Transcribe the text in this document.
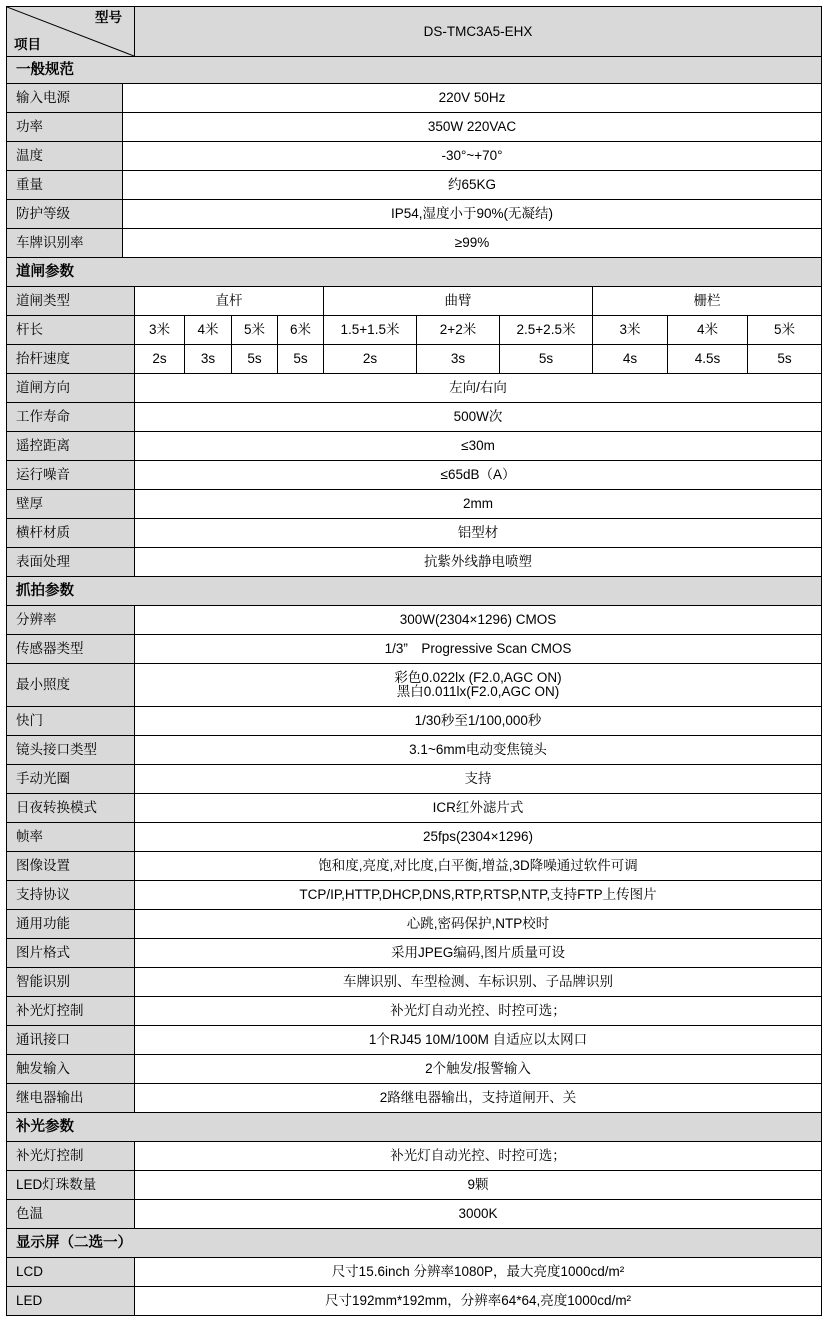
型号
项目		DS-TMC3A5-EHX									
一般规范											
输入电源	220V 50Hz										
功率	350W 220VAC										
温度	-30°~+70°										
重量	约65KG										
防护等级	IP54,湿度小于90%(无凝结)										
车牌识别率	≥99%										
道闸参数											
道闸类型		直杆				曲臂			栅栏		
杆长		3米	4米	5米	6米	1.5+1.5米	2+2米	2.5+2.5米	3米	4米	5米
抬杆速度		2s	3s	5s	5s	2s	3s	5s	4s	4.5s	5s
道闸方向		左向/右向									
工作寿命		500W次									
遥控距离		≤30m									
运行噪音		≤65dB（A）									
壁厚		2mm									
横杆材质		铝型材									
表面处理		抗紫外线静电喷塑									
抓拍参数											
分辨率		300W(2304×1296) CMOS									
传感器类型		1/3”　Progressive Scan CMOS									
最小照度		彩色0.022lx (F2.0,AGC ON)
黑白0.011lx(F2.0,AGC ON)									

快门		1/30秒至1/100,000秒									
镜头接口类型		3.1~6mm电动变焦镜头									
手动光圈		支持									
日夜转换模式		ICR红外滤片式									
帧率		25fps(2304×1296)									
图像设置		饱和度,亮度,对比度,白平衡,增益,3D降噪通过软件可调									
支持协议		TCP/IP,HTTP,DHCP,DNS,RTP,RTSP,NTP,支持FTP上传图片									
通用功能		心跳,密码保护,NTP校时									
图片格式		采用JPEG编码,图片质量可设									
智能识别		车牌识别、车型检测、车标识别、子品牌识别									
补光灯控制		补光灯自动光控、时控可选；									
通讯接口		1个RJ45 10M/100M 自适应以太网口									
触发输入		2个触发/报警输入									
继电器输出		2路继电器输出，支持道闸开、关									
补光参数											
补光灯控制		补光灯自动光控、时控可选；									
LED灯珠数量		9颗									
色温		3000K									
显示屏（二选一）											
LCD		尺寸15.6inch 分辨率1080P，最大亮度1000cd/m²									
LED		尺寸192mm*192mm，分辨率64*64,亮度1000cd/m²									
